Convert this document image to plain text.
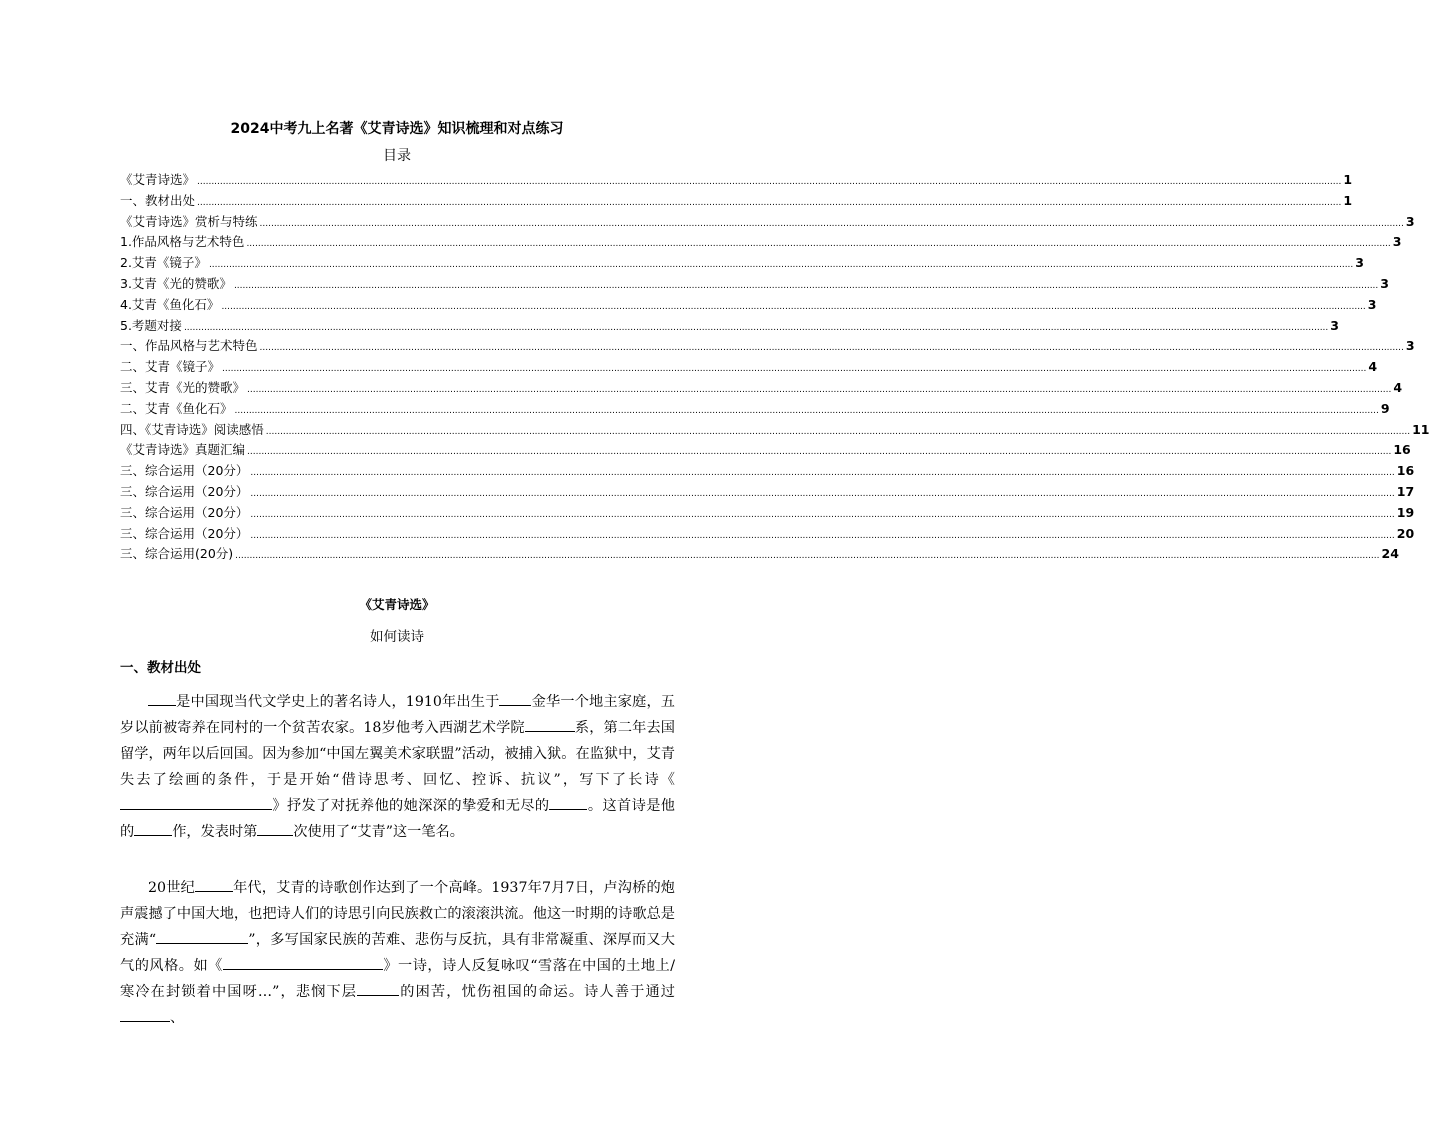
2024中考九上名著《艾青诗选》知识梳理和对点练习
目录
《艾青诗选》 ................................................................................................................................................................................................................................................................................................................................................................................................................ 1
一、教材出处 ................................................................................................................................................................................................................................................................................................................................................................................................................ 1
《艾青诗选》赏析与特练 ................................................................................................................................................................................................................................................................................................................................................................................................................ 3
1.作品风格与艺术特色 ................................................................................................................................................................................................................................................................................................................................................................................................................ 3
2.艾青《镜子》 ................................................................................................................................................................................................................................................................................................................................................................................................................ 3
3.艾青《光的赞歌》 ................................................................................................................................................................................................................................................................................................................................................................................................................ 3
4.艾青《鱼化石》 ................................................................................................................................................................................................................................................................................................................................................................................................................ 3
5.考题对接 ................................................................................................................................................................................................................................................................................................................................................................................................................ 3
一、作品风格与艺术特色 ................................................................................................................................................................................................................................................................................................................................................................................................................ 3
二、艾青《镜子》 ................................................................................................................................................................................................................................................................................................................................................................................................................ 4
三、艾青《光的赞歌》 ................................................................................................................................................................................................................................................................................................................................................................................................................ 4
二、艾青《鱼化石》 ................................................................................................................................................................................................................................................................................................................................................................................................................ 9
四、《艾青诗选》阅读感悟 ................................................................................................................................................................................................................................................................................................................................................................................................................ 11
《艾青诗选》真题汇编 ................................................................................................................................................................................................................................................................................................................................................................................................................ 16
三、综合运用（20分） ................................................................................................................................................................................................................................................................................................................................................................................................................ 16
三、综合运用（20分） ................................................................................................................................................................................................................................................................................................................................................................................................................ 17
三、综合运用（20分） ................................................................................................................................................................................................................................................................................................................................................................................................................ 19
三、综合运用（20分） ................................................................................................................................................................................................................................................................................................................................................................................................................ 20
三、综合运用(20分) ................................................................................................................................................................................................................................................................................................................................................................................................................ 24
《艾青诗选》
如何读诗
一、教材出处

是中国现当代文学史上的著名诗人，1910年出生于 金华一个地主家庭，五岁以前被寄养在同村的一个贫苦农家。18岁他考入西湖艺术学院	系，第二年去国留学，两年以后回国。因为参加“中国左翼美术家联盟”活动，被捕入狱。在监狱中，艾青失去了绘画的条件，于是开始“借诗思考、回忆、控诉、抗议”，写下了长诗《》抒发了对抚养他的她深深的挚爱和无尽的	。这首诗是他的	作，发表时第	次使用了“艾青”这一笔名。

20世纪	年代，艾青的诗歌创作达到了一个高峰。1937年7月7日，卢沟桥的炮声震撼了中国大地，也把诗人们的诗思引向民族救亡的滚滚洪流。他这一时期的诗歌总是充满“	”，多写国家民族的苦难、悲伤与反抗，具有非常凝重、深厚而又大气的风格。如《	》一诗，诗人反复咏叹“雪落在中国的土地上/寒冷在封锁着中国呀…”，悲悯下层	的困苦，忧伤祖国的命运。诗人善于通过、
